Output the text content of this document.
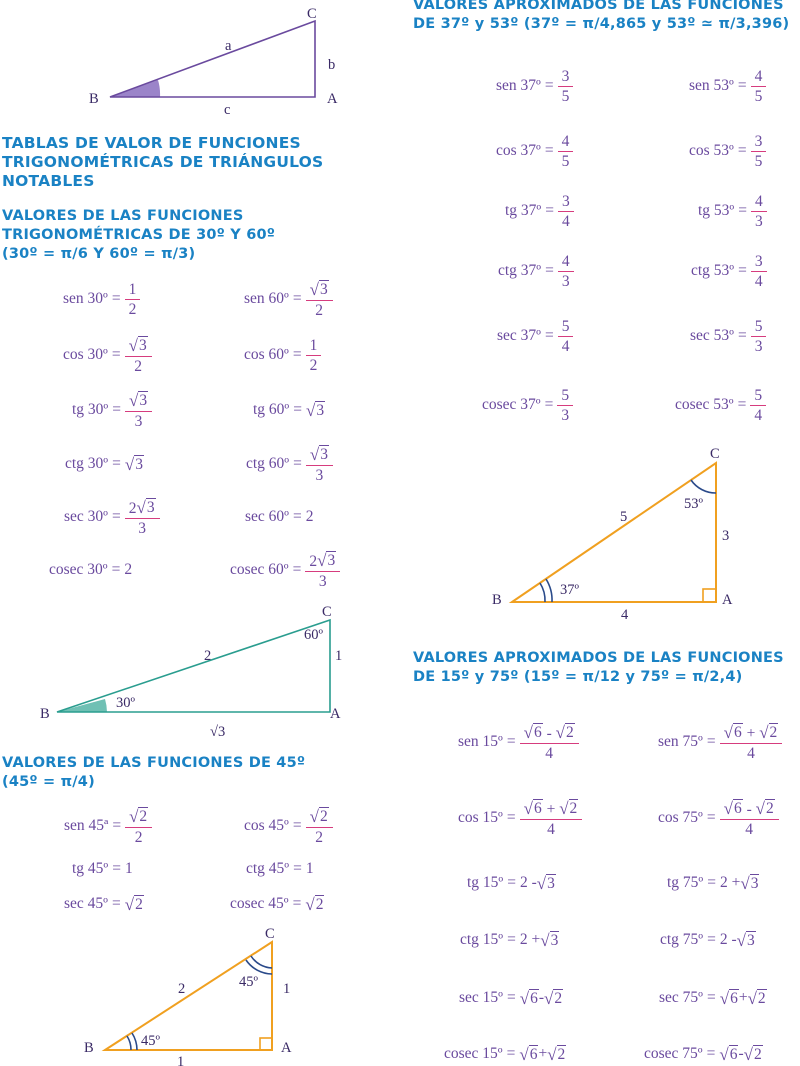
B
C
A
a
b
c
B
C
A
2	1
√3
30º
60º
B
C
A
2	1
1
45º
45º
B
C
A
5
3
4
37º
53º
TABLAS DE VALOR DE FUNCIONES
TRIGONOMÉTRICAS DE TRIÁNGULOS
NOTABLES
VALORES DE LAS FUNCIONES
TRIGONOMÉTRICAS DE 30º Y 60º
(30º = π/6 Y 60º = π/3)
VALORES DE LAS FUNCIONES DE 45º
(45º = π/4)
VALORES APROXIMADOS DE LAS FUNCIONES
DE 37º y 53º (37º = π/4,865 y 53º ≃ π/3,396)
VALORES APROXIMADOS DE LAS FUNCIONES
DE 15º y 75º (15º = π/12 y 75º = π/2,4)
sen 30º = $\frac{1}{2}$	sen 60º = $\frac{√ 3}{2}$
cos 30º = $\frac{√ 3}{2}$	cos 60º = $\frac{1}{2}$
tg 30º = $\frac{√ 3}{3}$	tg 60º = √ 3
ctg 30º = √ 3	ctg 60º = $\frac{√ 3}{3}$
sec 30º = $\frac{2 √ 3}{3}$	sec 60º = 2
cosec 30º = 2	cosec 60º = $\frac{2 √ 3}{3}$
sen 45ª = $\frac{√ 2}{2}$	cos 45º = $\frac{√ 2}{2}$
tg 45º = 1	ctg 45º = 1
sec 45º = √ 2	cosec 45º = √ 2
sen 37º = $\frac{3}{5}$	sen 53º = $\frac{4}{5}$
cos 37º = $\frac{4}{5}$	cos 53º = $\frac{3}{5}$
tg 37º = $\frac{3}{4}$	tg 53º = $\frac{4}{3}$
ctg 37º = $\frac{4}{3}$	ctg 53º = $\frac{3}{4}$
sec 37º = $\frac{5}{4}$	sec 53º = $\frac{5}{3}$
cosec 37º = $\frac{5}{3}$	cosec 53º = $\frac{5}{4}$
sen 15º = $\frac{√ 6 - √ 2}{4}$	sen 75º = $\frac{√ 6 + √ 2}{4}$
cos 15º = $\frac{√ 6 + √ 2}{4}$	cos 75º = $\frac{√ 6 - √ 2}{4}$
tg 15º = 2 - √ 3	tg 75º = 2 + √ 3
ctg 15º = 2 + √ 3	ctg 75º = 2 - √ 3
sec 15º = √ 6 - √ 2	sec 75º = √ 6 + √ 2
cosec 15º = √ 6 + √ 2	cosec 75º = √ 6 - √ 2
